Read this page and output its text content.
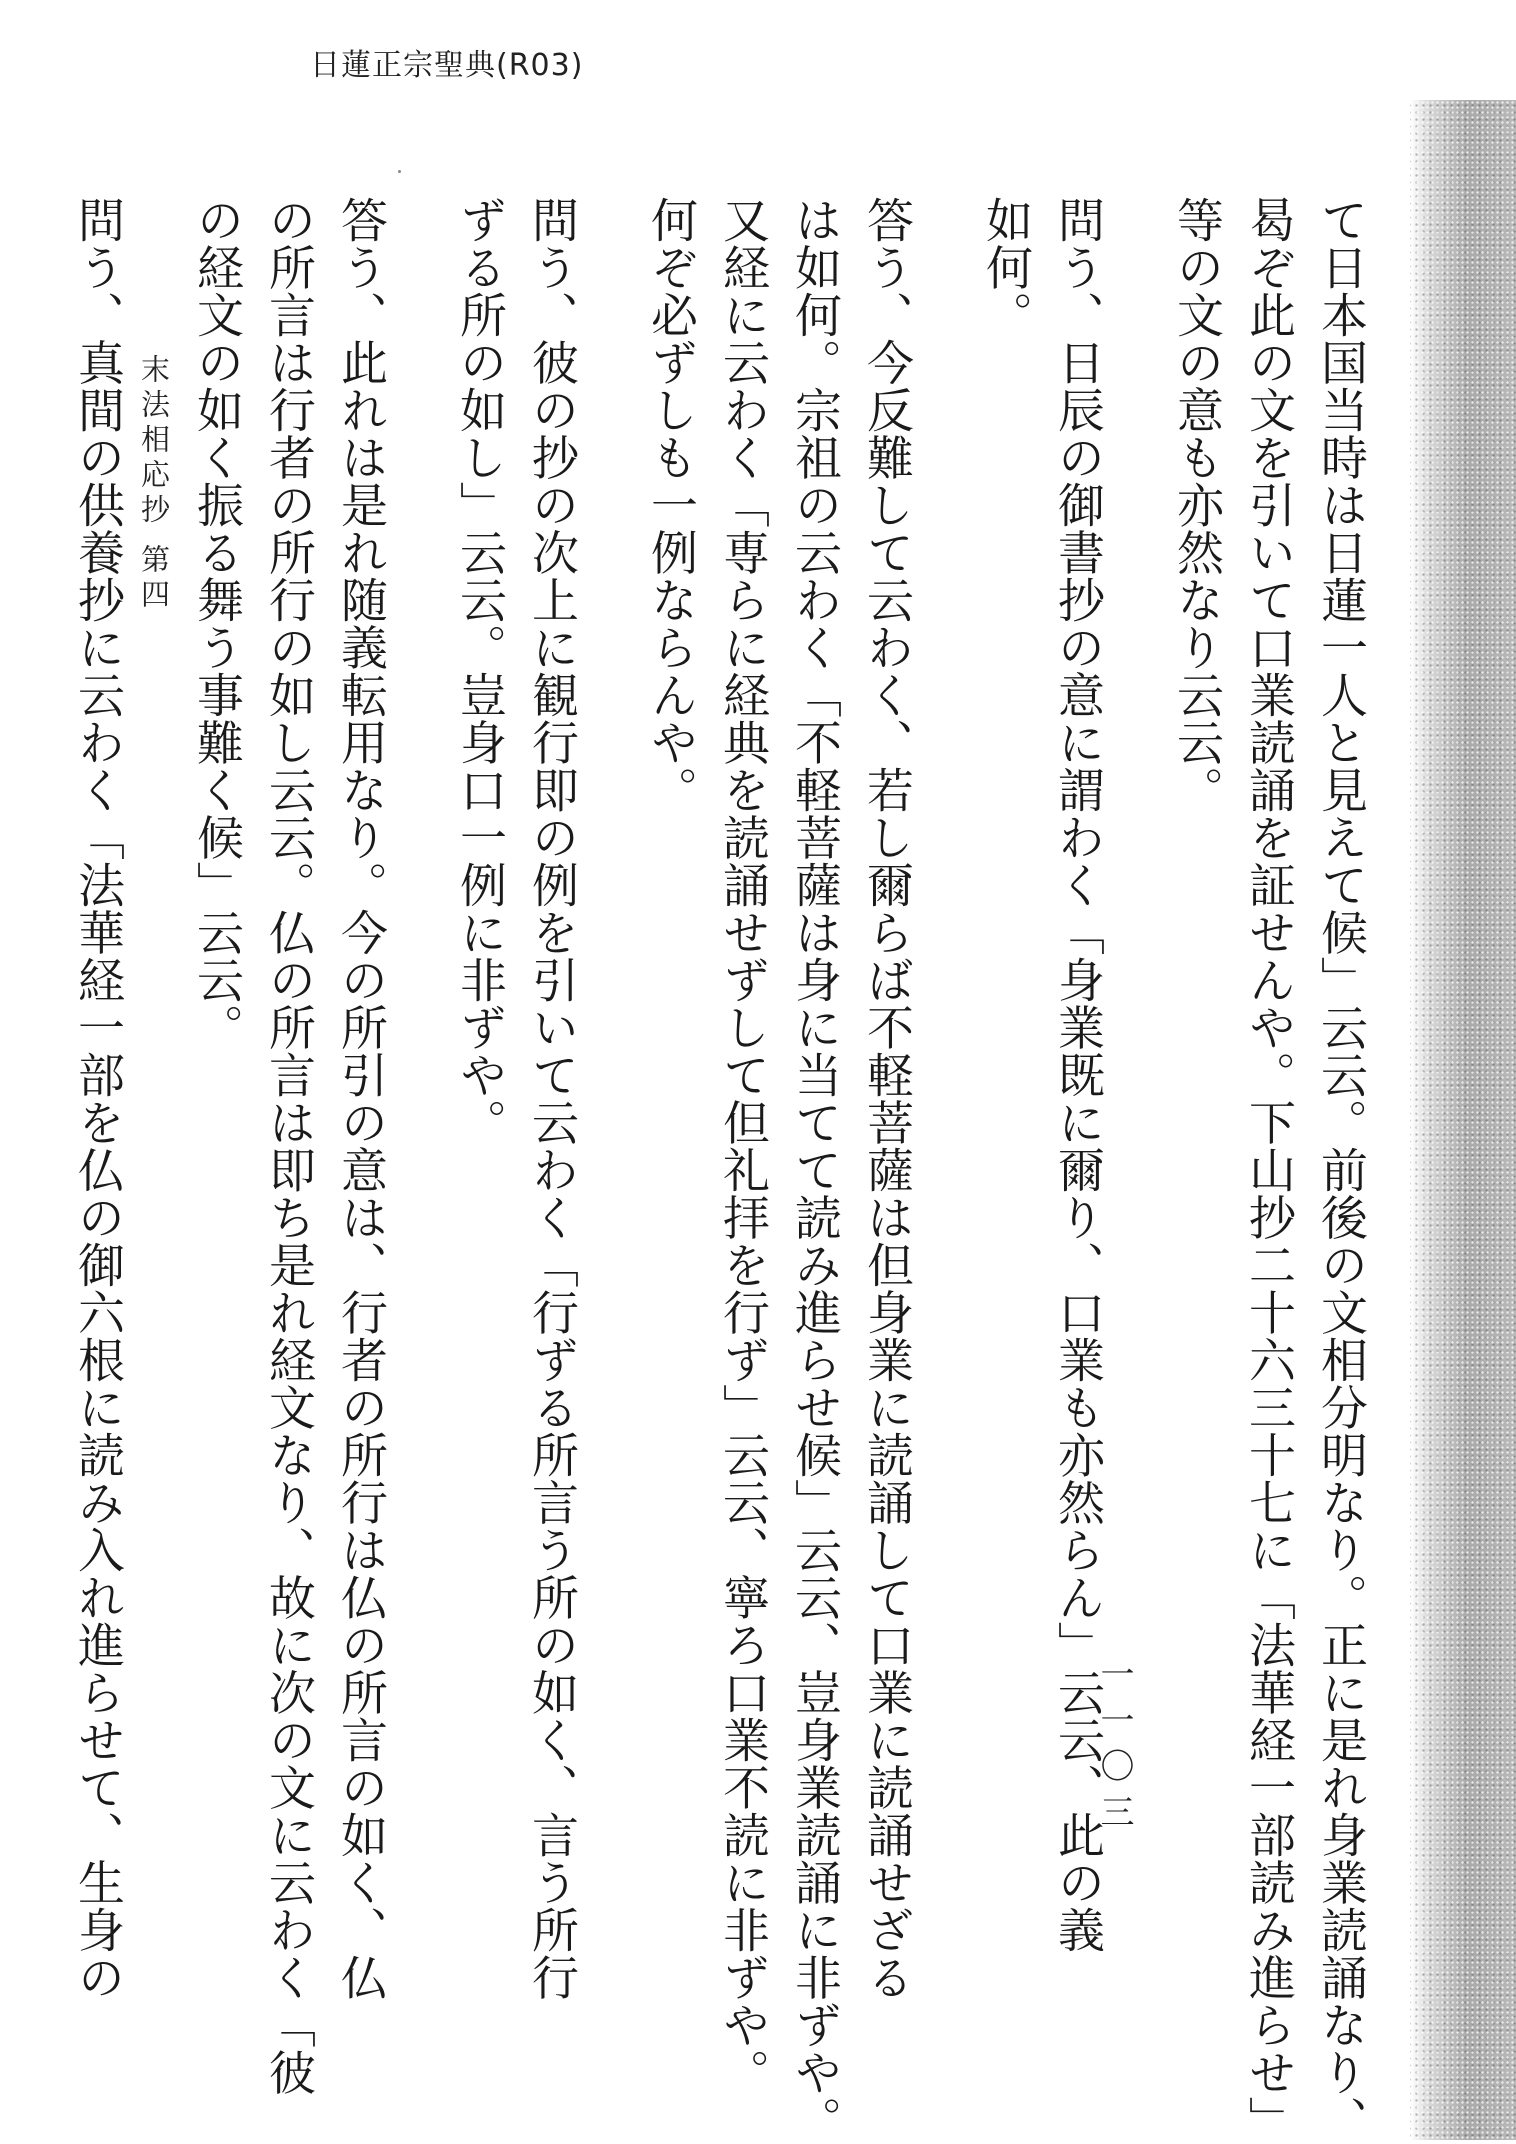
日蓮正宗聖典(R03)
て日本国当時は日蓮一人と見えて候」云云。前後の文相分明なり。正に是れ身業読誦なり、
曷ぞ此の文を引いて口業読誦を証せんや。下山抄二十六三十七に「法華経一部読み進らせ」
等の文の意も亦然なり云云。
問う、日辰の御書抄の意に謂わく「身業既に爾り、口業も亦然らん」云云、此の義
如何。
答う、今反難して云わく、若し爾らば不軽菩薩は但身業に読誦して口業に読誦せざる
は如何。宗祖の云わく「不軽菩薩は身に当てて読み進らせ候」云云、豈身業読誦に非ずや。
又経に云わく「専らに経典を読誦せずして但礼拝を行ず」云云、寧ろ口業不読に非ずや。
何ぞ必ずしも一例ならんや。
問う、彼の抄の次上に観行即の例を引いて云わく「行ずる所言う所の如く、言う所行
ずる所の如し」云云。豈身口一例に非ずや。
答う、此れは是れ随義転用なり。今の所引の意は、行者の所行は仏の所言の如く、仏
の所言は行者の所行の如し云云。仏の所言は即ち是れ経文なり、故に次の文に云わく「彼
の経文の如く振る舞う事難く候」云云。
問う、真間の供養抄に云わく「法華経一部を仏の御六根に読み入れ進らせて、生身の 末法相応抄 第四
一一〇三
